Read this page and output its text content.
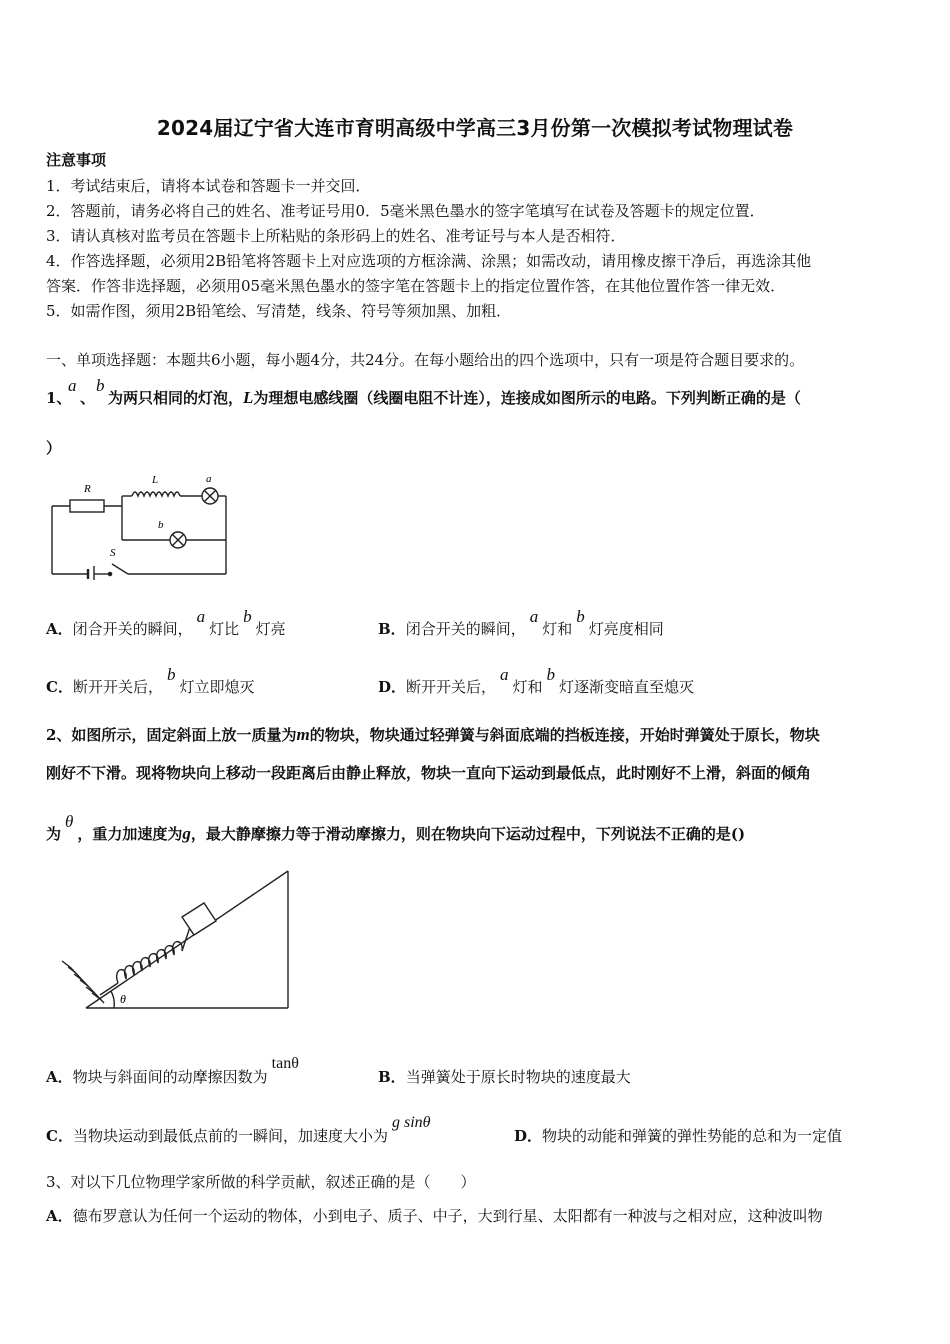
2024届辽宁省大连市育明高级中学高三3月份第一次模拟考试物理试卷
注意事项
1．考试结束后，请将本试卷和答题卡一并交回．
2．答题前，请务必将自己的姓名、准考证号用0．5毫米黑色墨水的签字笔填写在试卷及答题卡的规定位置．
3．请认真核对监考员在答题卡上所粘贴的条形码上的姓名、准考证号与本人是否相符．
4．作答选择题，必须用2B铅笔将答题卡上对应选项的方框涂满、涂黑；如需改动，请用橡皮擦干净后，再选涂其他
答案．作答非选择题，必须用05毫米黑色墨水的签字笔在答题卡上的指定位置作答，在其他位置作答一律无效．
5．如需作图，须用2B铅笔绘、写清楚，线条、符号等须加黑、加粗．
一、单项选择题：本题共6小题，每小题4分，共24分。在每小题给出的四个选项中，只有一项是符合题目要求的。
1、
a
、
b
为两只相同的灯泡，L为理想电感线圈（线圈电阻不计连），连接成如图所示的电路。下列判断正确的是（
）
R
L	a
b
S
A．闭合开关的瞬间，a灯比b灯亮	B．闭合开关的瞬间，a灯和b灯亮度相同
C．断开开关后，b灯立即熄灭	D．断开开关后，a灯和b灯逐渐变暗直至熄灭
2、如图所示，固定斜面上放一质量为m的物块，物块通过轻弹簧与斜面底端的挡板连接，开始时弹簧处于原长，物块
刚好不下滑。现将物块向上移动一段距离后由静止释放，物块一直向下运动到最低点，此时刚好不上滑，斜面的倾角
为θ，重力加速度为g，最大静摩擦力等于滑动摩擦力，则在物块向下运动过程中，下列说法不正确的是()
θ
A．物块与斜面间的动摩擦因数为tanθ
B．当弹簧处于原长时物块的速度最大
C．当物块运动到最低点前的一瞬间，加速度大小为g sinθ
D．物块的动能和弹簧的弹性势能的总和为一定值
3、对以下几位物理学家所做的科学贡献，叙述正确的是（　　）
A．德布罗意认为任何一个运动的物体，小到电子、质子、中子，大到行星、太阳都有一种波与之相对应，这种波叫物
